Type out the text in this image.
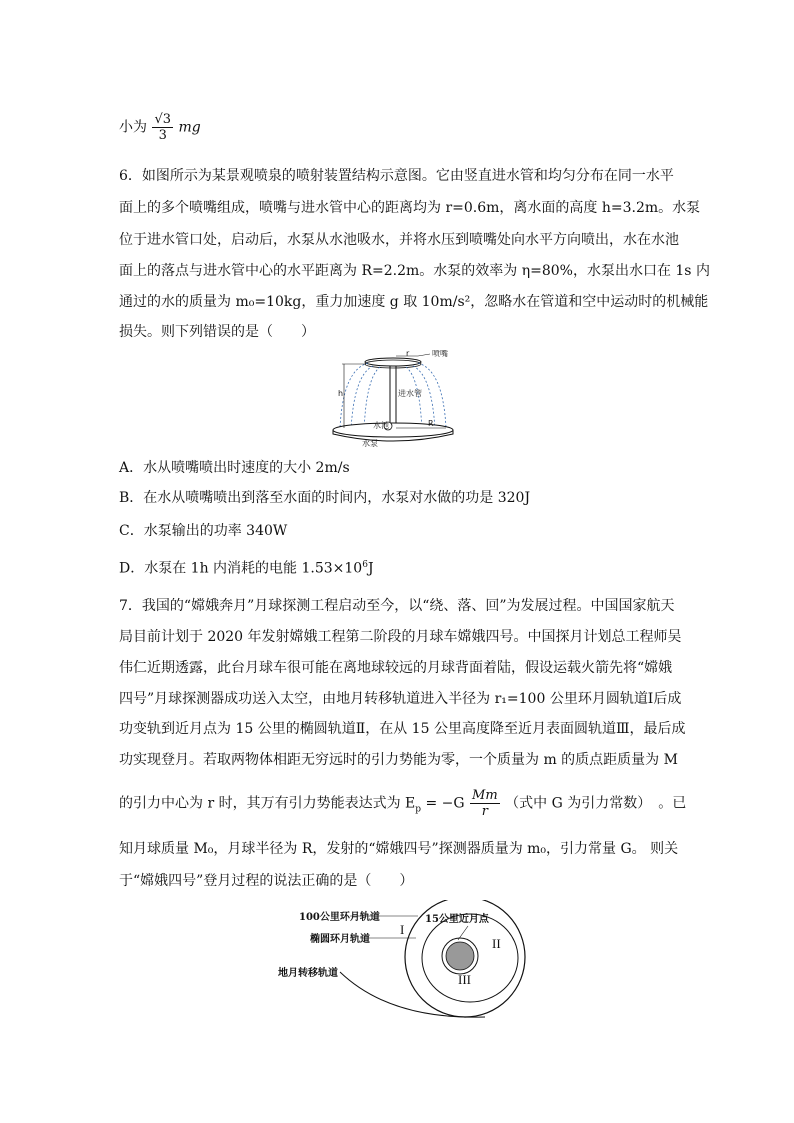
小为 $\frac{√3}{3}$ mg
6．如图所示为某景观喷泉的喷射装置结构示意图。它由竖直进水管和均匀分布在同一水平
面上的多个喷嘴组成，喷嘴与进水管中心的距离均为 r=0.6m，离水面的高度 h=3.2m。水泵
位于进水管口处，启动后，水泵从水池吸水，并将水压到喷嘴处向水平方向喷出，水在水池
面上的落点与进水管中心的水平距离为 R=2.2m。水泵的效率为 η=80%，水泵出水口在 1s 内
通过的水的质量为 m₀=10kg，重力加速度 g 取 10m/s²，忽略水在管道和空中运动时的机械能
损失。则下列错误的是（　　）
r	喷嘴
h	进水管
水池	R
水泵
A．水从喷嘴喷出时速度的大小 2m/s
B．在水从喷嘴喷出到落至水面的时间内，水泵对水做的功是 320J
C．水泵输出的功率 340W
D．水泵在 1h 内消耗的电能 $1.53\times 10^6J$
7．我国的“嫦娥奔月”月球探测工程启动至今，以“绕、落、回”为发展过程。中国国家航天
局目前计划于 2020 年发射嫦娥工程第二阶段的月球车嫦娥四号。中国探月计划总工程师吴
伟仁近期透露，此台月球车很可能在离地球较远的月球背面着陆，假设运载火箭先将“嫦娥
四号”月球探测器成功送入太空，由地月转移轨道进入半径为 r₁=100 公里环月圆轨道Ⅰ后成
功变轨到近月点为 15 公里的椭圆轨道Ⅱ，在从 15 公里高度降至近月表面圆轨道Ⅲ，最后成
功实现登月。若取两物体相距无穷远时的引力势能为零，一个质量为 m 的质点距质量为 M
的引力中心为 r 时，其万有引力势能表达式为 $E_p = -G \frac{Mm}{r}$ （式中 G 为引力常数）　。已
知月球质量 M₀，月球半径为 R，发射的“嫦娥四号”探测器质量为 m₀，引力常量 G。 则关
于“嫦娥四号”登月过程的说法正确的是（　　）
100公里环月轨道	15公里近月点
椭圆环月轨道
地月转移轨道
I
II
III
